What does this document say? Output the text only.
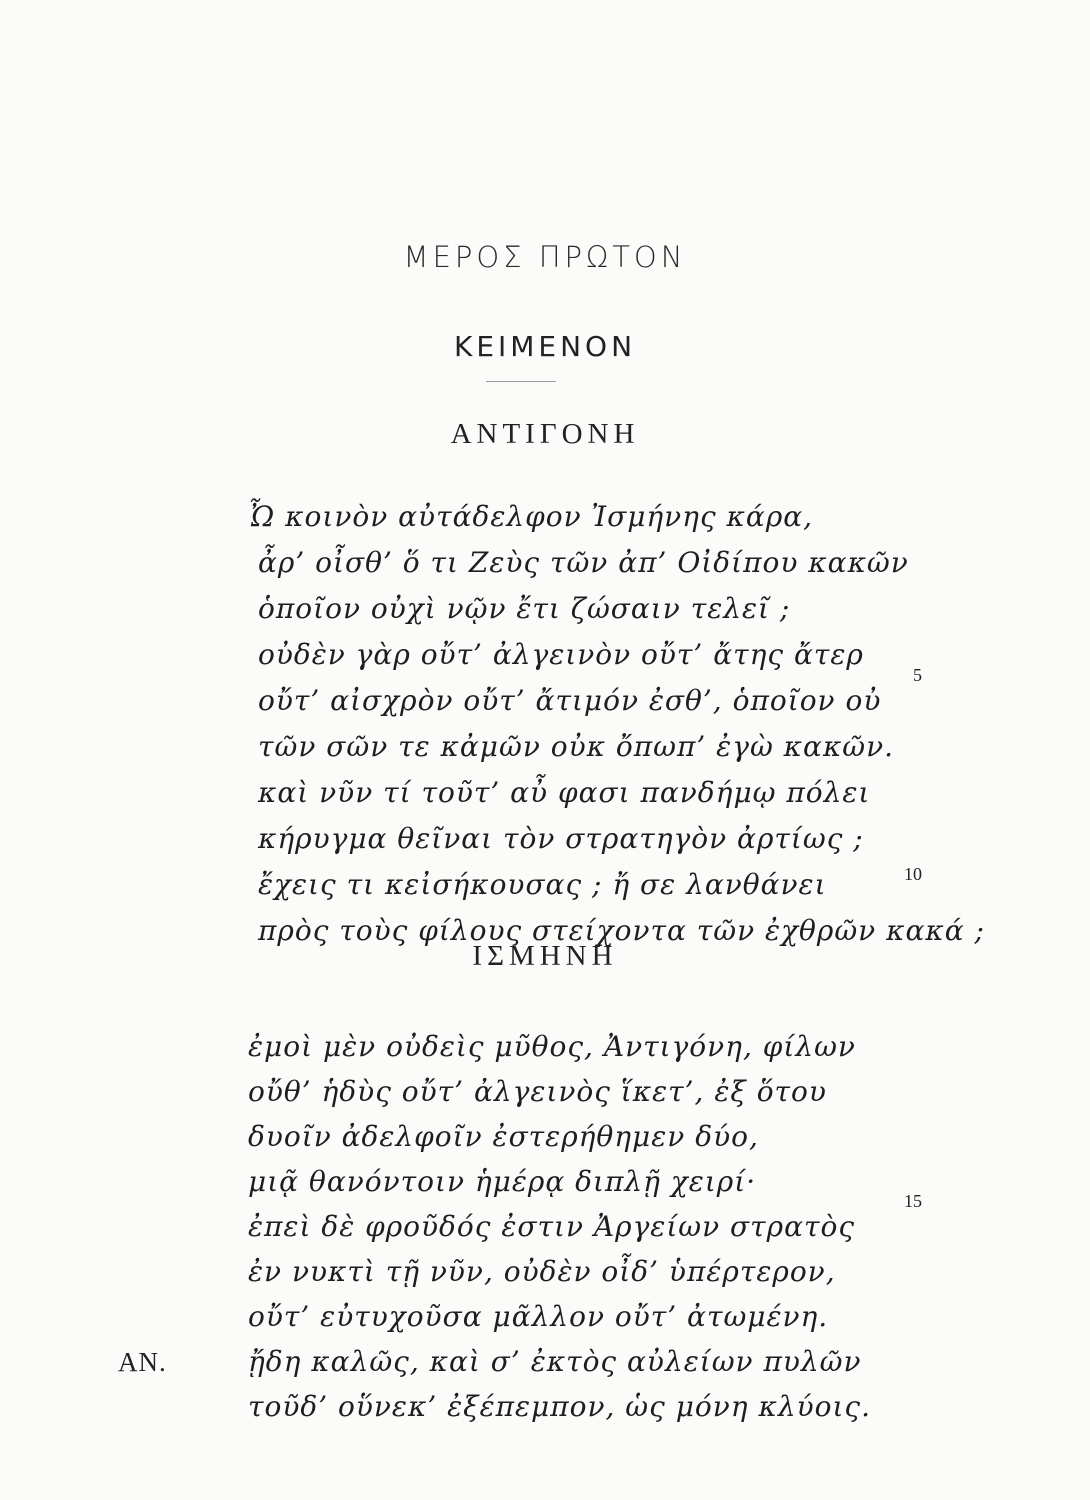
ΜΕΡΟΣ ΠΡΩΤΟΝ
ΚΕΙΜΕΝΟΝ
ΑΝΤΙΓΟΝΗ
Ὦ κοινὸν αὐτάδελφον Ἰσμήνης κάρα,
ἆρ’ οἶσθ’ ὅ τι Ζεὺς τῶν ἀπ’ Οἰδίπου κακῶν
ὁποῖον οὐχὶ νῷν ἔτι ζώσαιν τελεῖ ;
οὐδὲν γὰρ οὔτ’ ἀλγεινὸν οὔτ’ ἄτης ἄτερ
οὔτ’ αἰσχρὸν οὔτ’ ἄτιμόν ἐσθ’, ὁποῖον οὐ
τῶν σῶν τε κἀμῶν οὐκ ὄπωπ’ ἐγὼ κακῶν.
καὶ νῦν τί τοῦτ’ αὖ φασι πανδήμῳ πόλει
κήρυγμα θεῖναι τὸν στρατηγὸν ἀρτίως ;
ἔχεις τι κεἰσήκουσας ; ἤ σε λανθάνει
πρὸς τοὺς φίλους στείχοντα τῶν ἐχθρῶν κακά ;
5
10
ΙΣΜΗΝΗ
ἐμοὶ μὲν οὐδεὶς μῦθος, Ἀντιγόνη, φίλων
οὔθ’ ἡδὺς οὔτ’ ἀλγεινὸς ἵκετ’, ἐξ ὅτου
δυοῖν ἀδελφοῖν ἐστερήθημεν δύο,
μιᾷ θανόντοιν ἡμέρᾳ διπλῇ χειρί·
ἐπεὶ δὲ φροῦδός ἐστιν Ἀργείων στρατὸς
ἐν νυκτὶ τῇ νῦν, οὐδὲν οἶδ’ ὑπέρτερον,
οὔτ’ εὐτυχοῦσα μᾶλλον οὔτ’ ἀτωμένη.
15
ΑΝ.	ᾔδη καλῶς, καὶ σ’ ἐκτὸς αὐλείων πυλῶν
τοῦδ’ οὕνεκ’ ἐξέπεμπον, ὡς μόνη κλύοις.
